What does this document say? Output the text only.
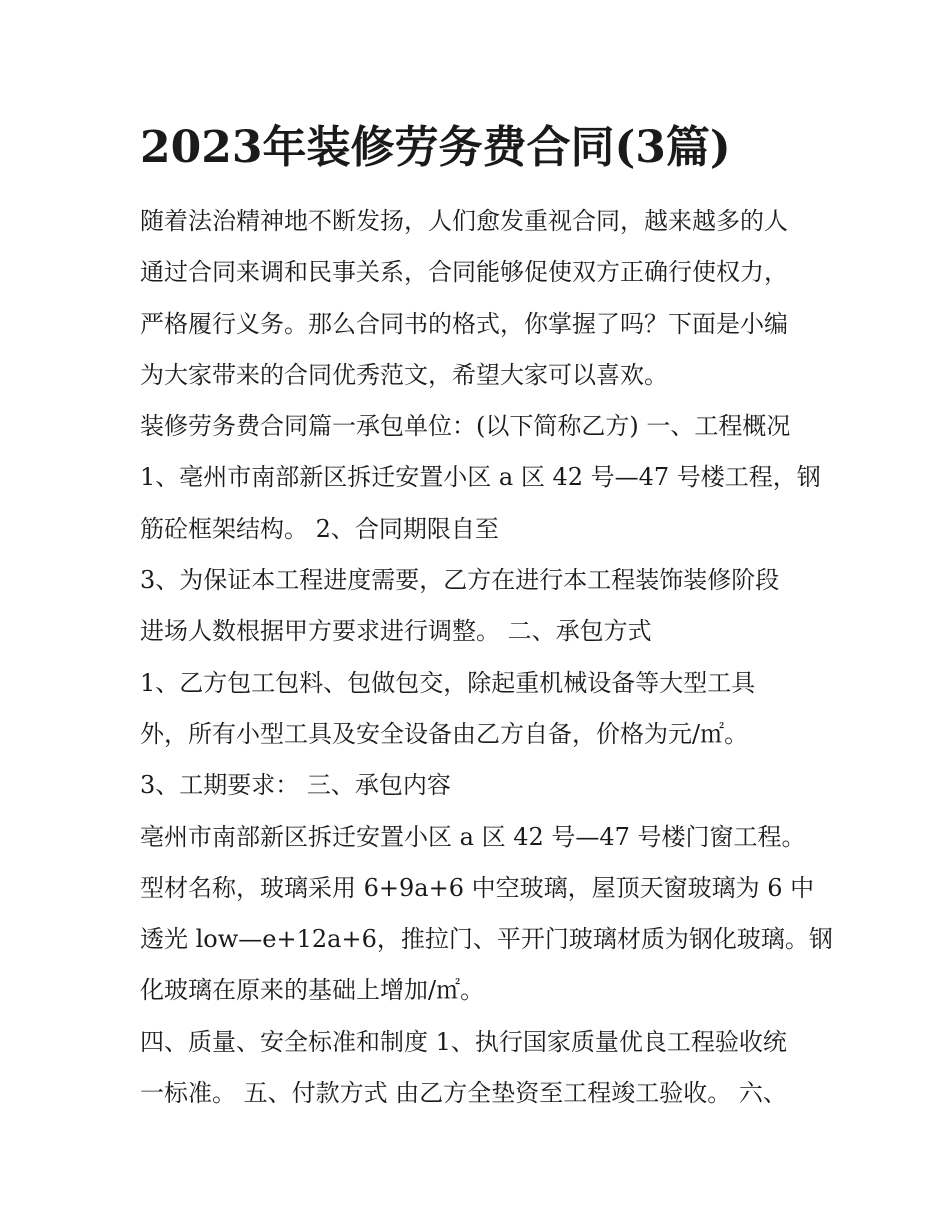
2023年装修劳务费合同(3篇)
随着法治精神地不断发扬，人们愈发重视合同，越来越多的人
通过合同来调和民事关系，合同能够促使双方正确行使权力，
严格履行义务。那么合同书的格式，你掌握了吗？下面是小编
为大家带来的合同优秀范文，希望大家可以喜欢。
装修劳务费合同篇一承包单位：(以下简称乙方) 一、工程概况
1、亳州市南部新区拆迁安置小区 a 区 42 号—47 号楼工程，钢
筋砼框架结构。 2、合同期限自至
3、为保证本工程进度需要，乙方在进行本工程装饰装修阶段
进场人数根据甲方要求进行调整。 二、承包方式
1、乙方包工包料、包做包交，除起重机械设备等大型工具
外，所有小型工具及安全设备由乙方自备，价格为元/㎡。
3、工期要求： 三、承包内容
亳州市南部新区拆迁安置小区 a 区 42 号—47 号楼门窗工程。
型材名称，玻璃采用 6+9a+6 中空玻璃，屋顶天窗玻璃为 6 中
透光 low—e+12a+6，推拉门、平开门玻璃材质为钢化玻璃。钢
化玻璃在原来的基础上增加/㎡。
四、质量、安全标准和制度 1、执行国家质量优良工程验收统
一标准。 五、付款方式 由乙方全垫资至工程竣工验收。 六、
